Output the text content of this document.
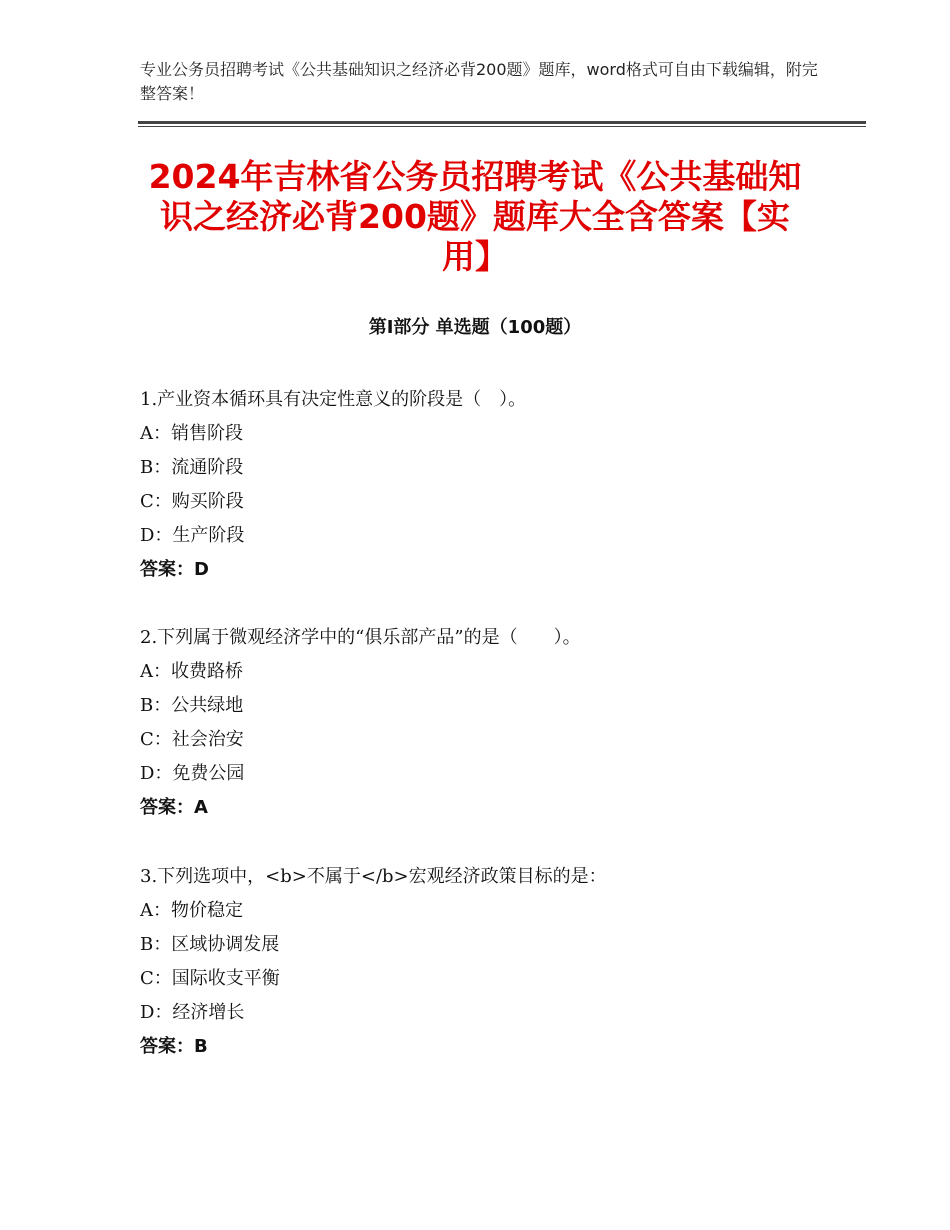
专业公务员招聘考试《公共基础知识之经济必背200题》题库，word格式可自由下载编辑，附完整答案！

2024年吉林省公务员招聘考试《公共基础知识之经济必背200题》题库大全含答案【实用】
第Ⅰ部分 单选题（100题）
1.产业资本循环具有决定性意义的阶段是（　）。
A：销售阶段
B：流通阶段
C：购买阶段
D：生产阶段
答案：D
2.下列属于微观经济学中的“俱乐部产品”的是（　　）。
A：收费路桥
B：公共绿地
C：社会治安
D：免费公园
答案：A
3.下列选项中，<b>不属于</b>宏观经济政策目标的是：
A：物价稳定
B：区域协调发展
C：国际收支平衡
D：经济增长
答案：B
